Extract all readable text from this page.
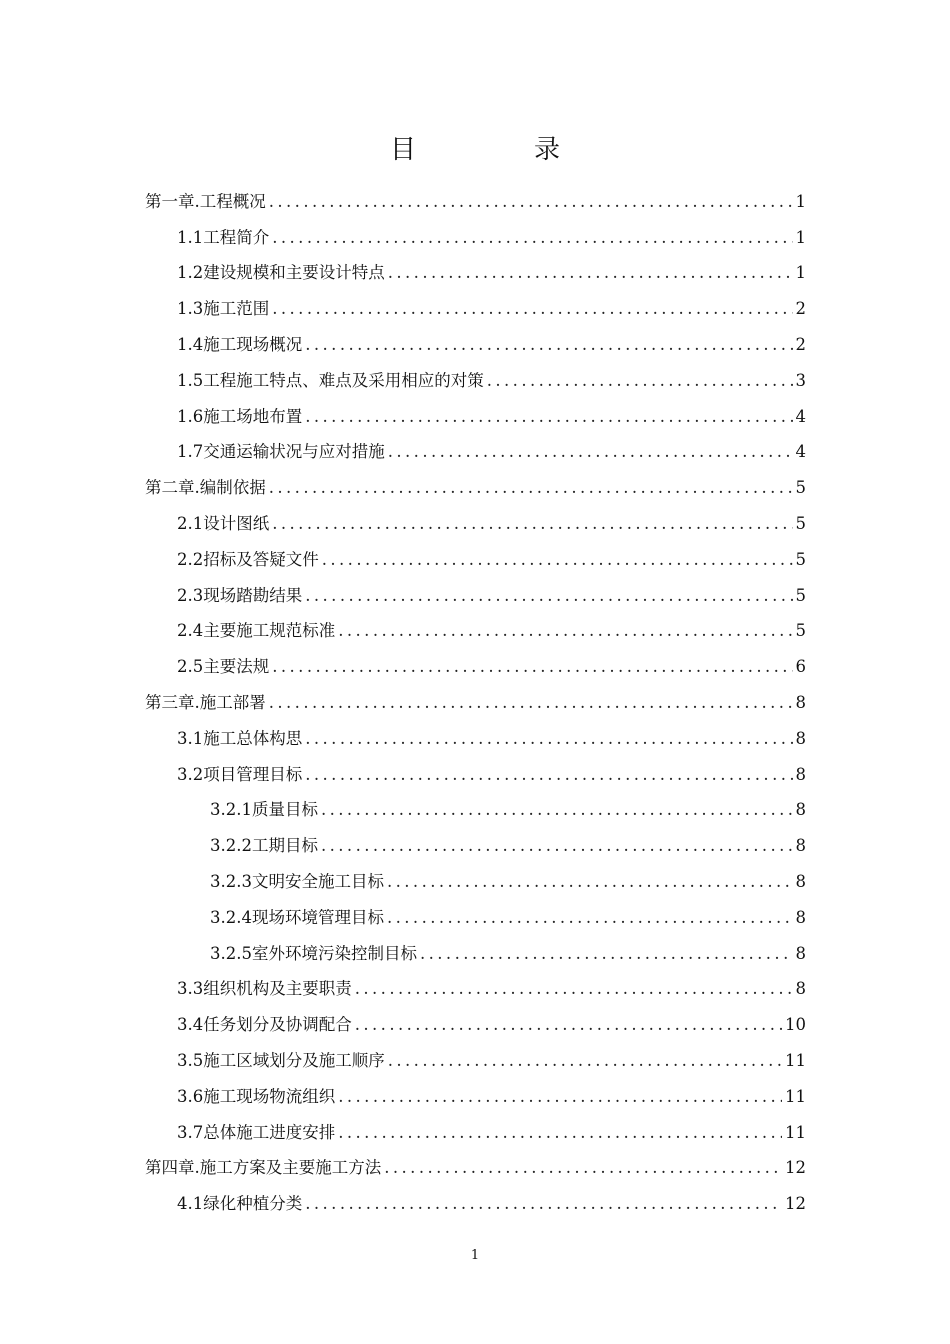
目　录
第一章.工程概况 .....	1
1.1工程简介 .....	1
1.2建设规模和主要设计特点 .....	1
1.3施工范围 .....	2
1.4施工现场概况 .....	2
1.5工程施工特点、难点及采用相应的对策 .....	3
1.6施工场地布置 .....	4
1.7交通运输状况与应对措施 .....	4
第二章.编制依据 .....	5
2.1设计图纸 .....	5
2.2招标及答疑文件 .....	5
2.3现场踏勘结果 .....	5
2.4主要施工规范标准 .....	5
2.5主要法规 .....	6
第三章.施工部署 .....	8
3.1施工总体构思 .....	8
3.2项目管理目标 .....	8
3.2.1质量目标 .....	8
3.2.2工期目标 .....	8
3.2.3文明安全施工目标 .....	8
3.2.4现场环境管理目标 .....	8
3.2.5室外环境污染控制目标 .....	8
3.3组织机构及主要职责 .....	8
3.4任务划分及协调配合 .....	10
3.5施工区域划分及施工顺序 .....	11
3.6施工现场物流组织 .....	11
3.7总体施工进度安排 .....	11
第四章.施工方案及主要施工方法 .....	12
4.1绿化种植分类 .....	12
1
